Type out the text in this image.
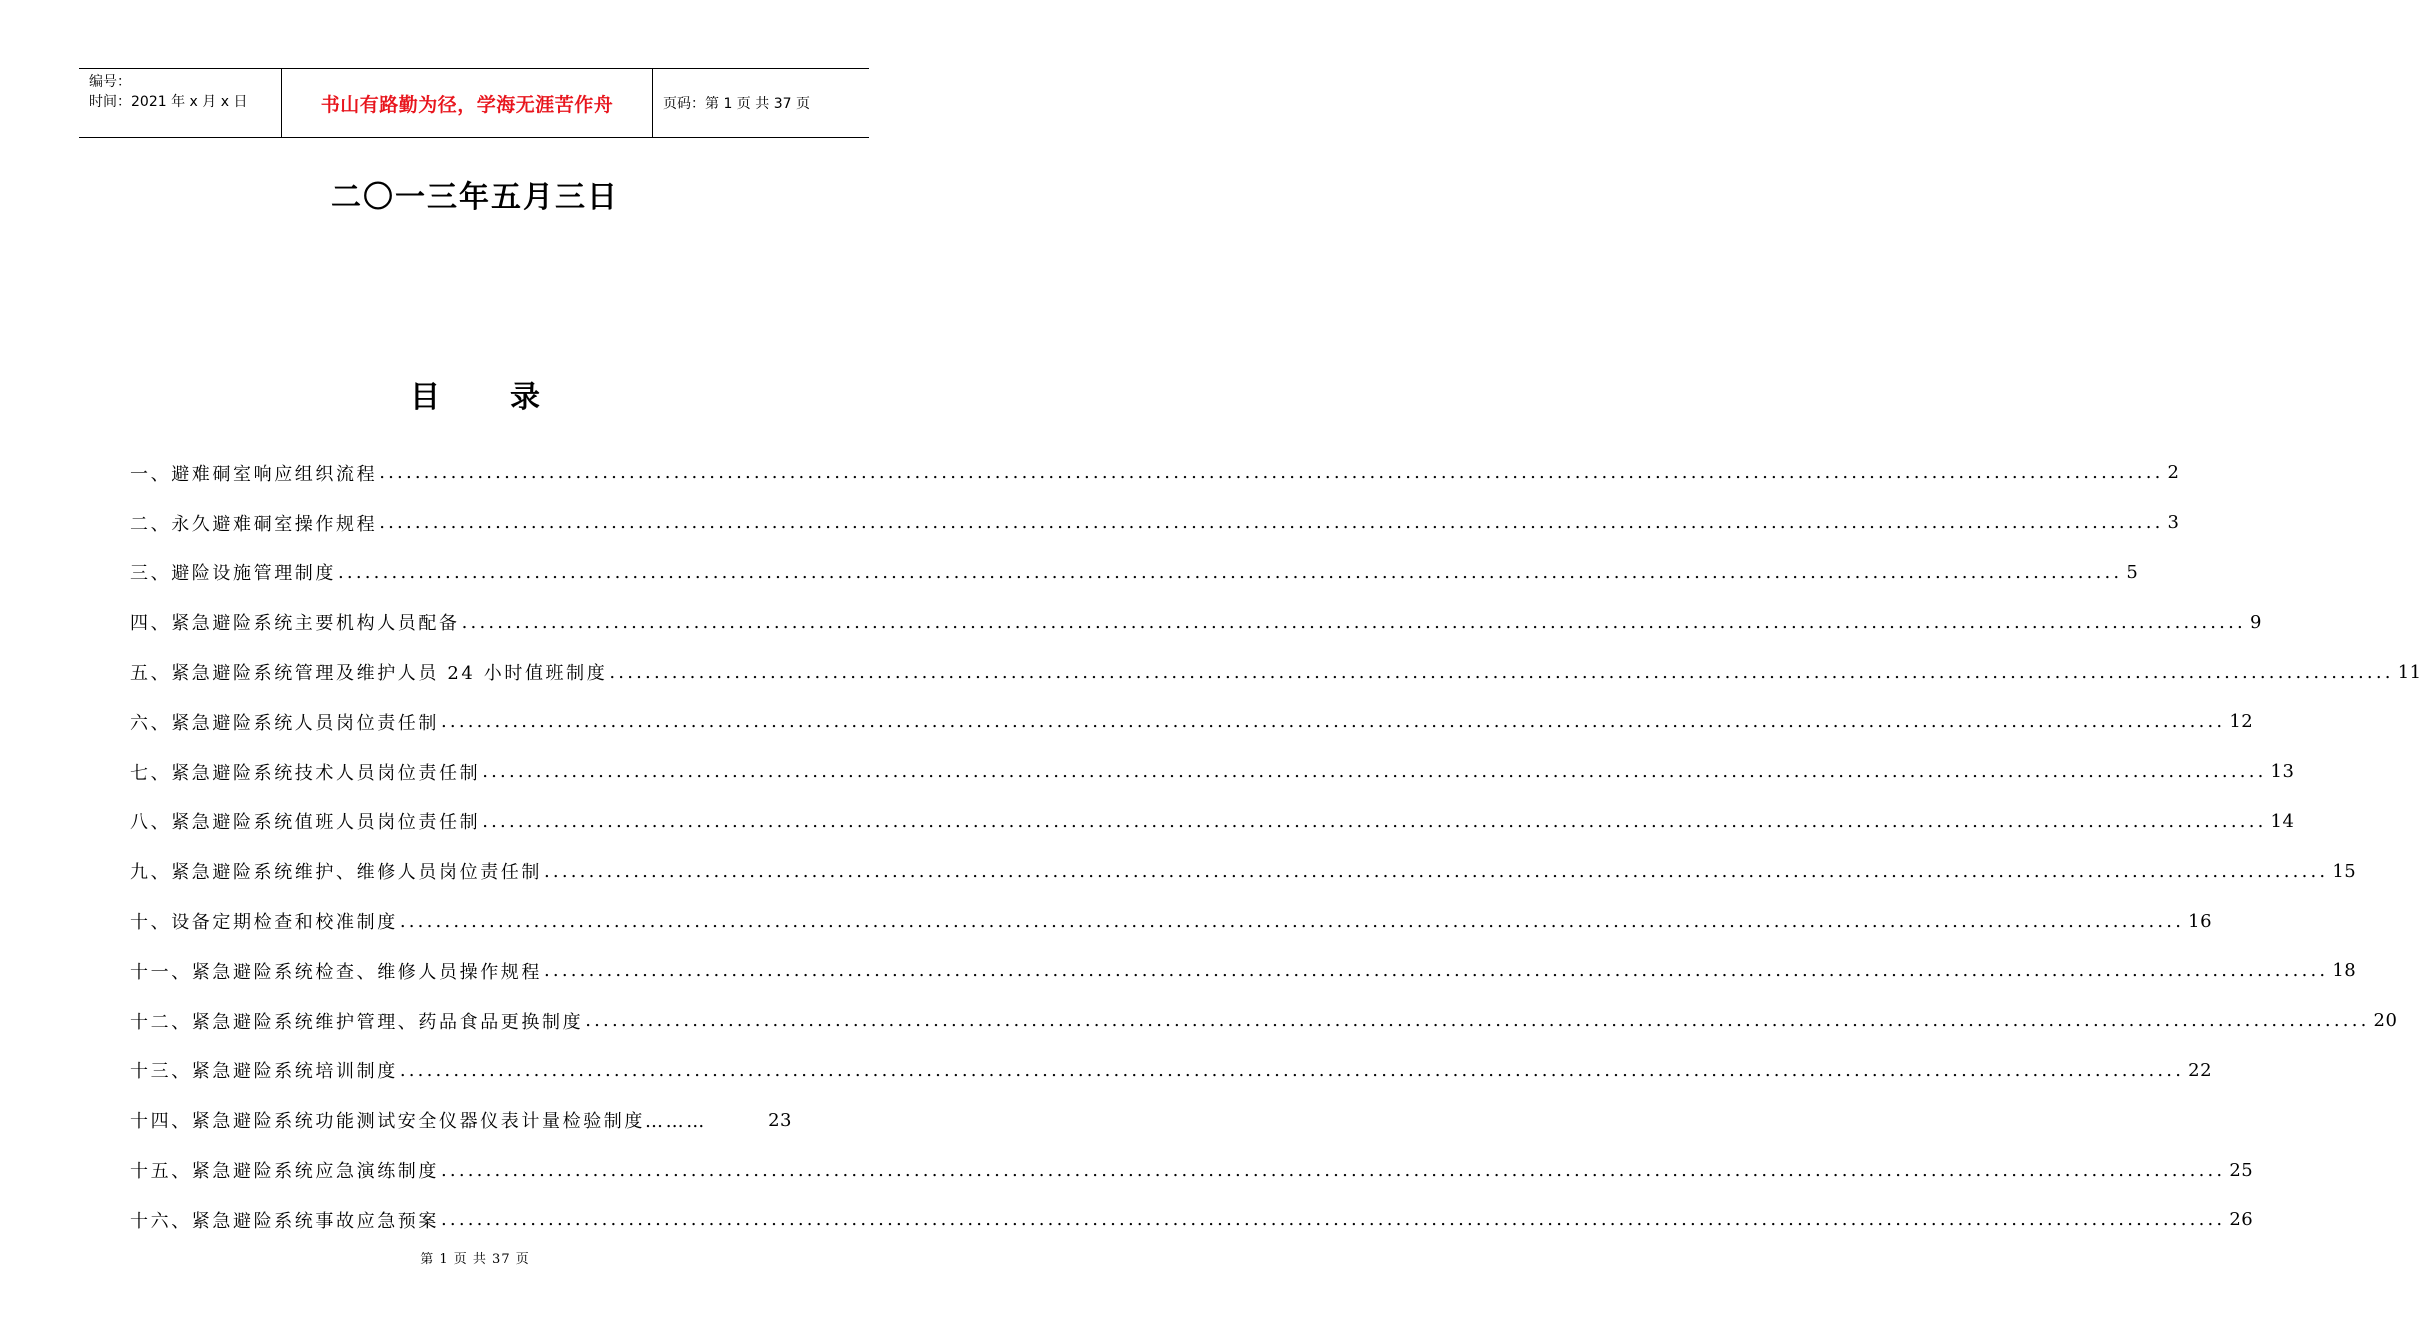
编号：
时间：2021 年 x 月 x 日	书山有路勤为径，学海无涯苦作舟	页码：第 1 页 共 37 页
二〇一三年五月三日
目 录
一、避难硐室响应组织流程 ........................................................................................................................................................................................................ 2
二、永久避难硐室操作规程 ........................................................................................................................................................................................................ 3
三、避险设施管理制度 ........................................................................................................................................................................................................ 5
四、紧急避险系统主要机构人员配备 ........................................................................................................................................................................................................ 9
五、紧急避险系统管理及维护人员 24 小时值班制度 ........................................................................................................................................................................................................ 11
六、紧急避险系统人员岗位责任制 ........................................................................................................................................................................................................ 12
七、紧急避险系统技术人员岗位责任制 ........................................................................................................................................................................................................ 13
八、紧急避险系统值班人员岗位责任制 ........................................................................................................................................................................................................ 14
九、紧急避险系统维护、维修人员岗位责任制 ........................................................................................................................................................................................................ 15
十、设备定期检查和校准制度 ........................................................................................................................................................................................................ 16
十一、紧急避险系统检查、维修人员操作规程 ........................................................................................................................................................................................................ 18
十二、紧急避险系统维护管理、药品食品更换制度 ........................................................................................................................................................................................................ 20
十三、紧急避险系统培训制度 ........................................................................................................................................................................................................ 22
十四、紧急避险系统功能测试安全仪器仪表计量检验制度………	23
十五、紧急避险系统应急演练制度 ........................................................................................................................................................................................................ 25
十六、紧急避险系统事故应急预案 ........................................................................................................................................................................................................ 26
第 1 页 共 37 页
